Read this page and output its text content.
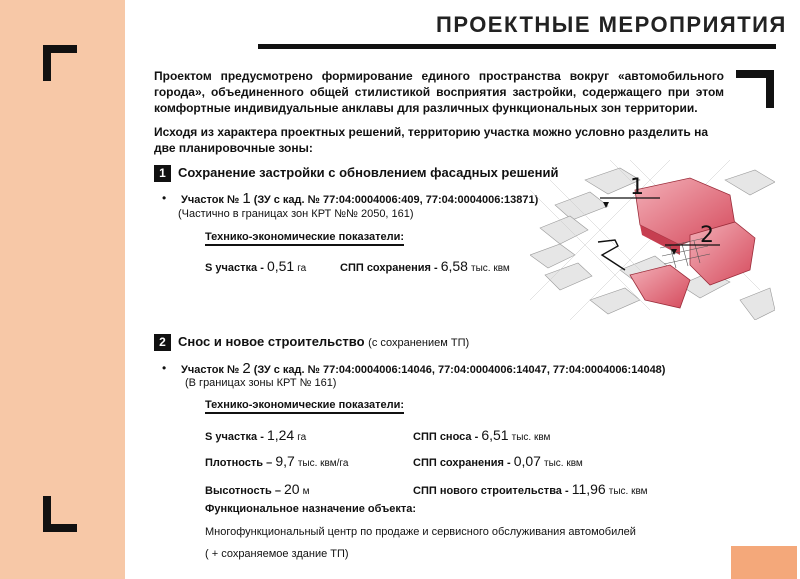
ПРОЕКТНЫЕ МЕРОПРИЯТИЯ
Проектом предусмотрено формирование единого пространства вокруг «автомобильного города», объединенного общей стилистикой восприятия застройки, содержащего при этом комфортные индивидуальные анклавы для различных функциональных зон территории.
Исходя из характера проектных решений, территорию участка можно условно разделить на две планировочные зоны:
1 Сохранение застройки с обновлением фасадных решений
• Участок № 1 (ЗУ с кад. № 77:04:0004006:409, 77:04:0004006:13871)
(Частично в границах зон КРТ №№ 2050, 161)
Технико-экономические показатели:
S участка - 0,51 га	СПП сохранения - 6,58 тыс. квм
1
2
2 Снос и новое строительство (с сохранением ТП)
• Участок № 2 (ЗУ с кад. № 77:04:0004006:14046, 77:04:0004006:14047, 77:04:0004006:14048)
(В границах зоны КРТ № 161)
Технико-экономические показатели:
S участка - 1,24 га
Плотность – 9,7 тыс. квм/га
Высотность – 20 м
СПП сноса - 6,51 тыс. квм
СПП сохранения - 0,07 тыс. квм
СПП нового строительства - 11,96 тыс. квм
Функциональное назначение объекта:
Многофункциональный центр по продаже и сервисного обслуживания автомобилей
( + сохраняемое здание ТП)
